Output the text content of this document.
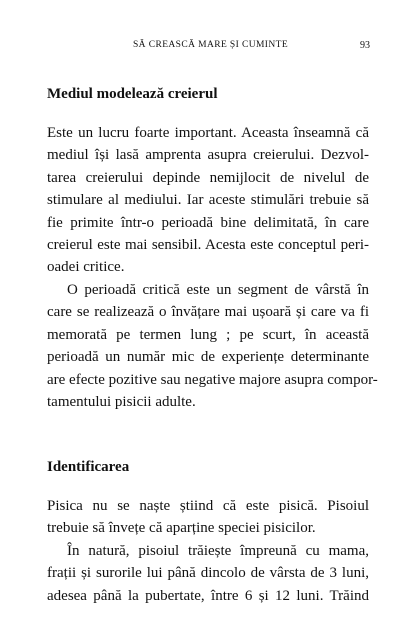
SĂ CREASCĂ MARE ȘI CUMINTE	93
Mediul modelează creierul
Este un lucru foarte important. Aceasta înseamnă că
mediul își lasă amprenta asupra creierului. Dezvol-
tarea creierului depinde nemijlocit de nivelul de
stimulare al mediului. Iar aceste stimulări trebuie să
fie primite într-o perioadă bine delimitată, în care
creierul este mai sensibil. Acesta este conceptul peri-
oadei critice.
O perioadă critică este un segment de vârstă în
care se realizează o învățare mai ușoară și care va fi
memorată pe termen lung ; pe scurt, în această
perioadă un număr mic de experiențe determinante
are efecte pozitive sau negative majore asupra compor-
tamentului pisicii adulte.
Identificarea
Pisica nu se naște știind că este pisică. Pisoiul
trebuie să învețe că aparține speciei pisicilor.
În natură, pisoiul trăiește împreună cu mama,
frații și surorile lui până dincolo de vârsta de 3 luni,
adesea până la pubertate, între 6 și 12 luni. Trăind
